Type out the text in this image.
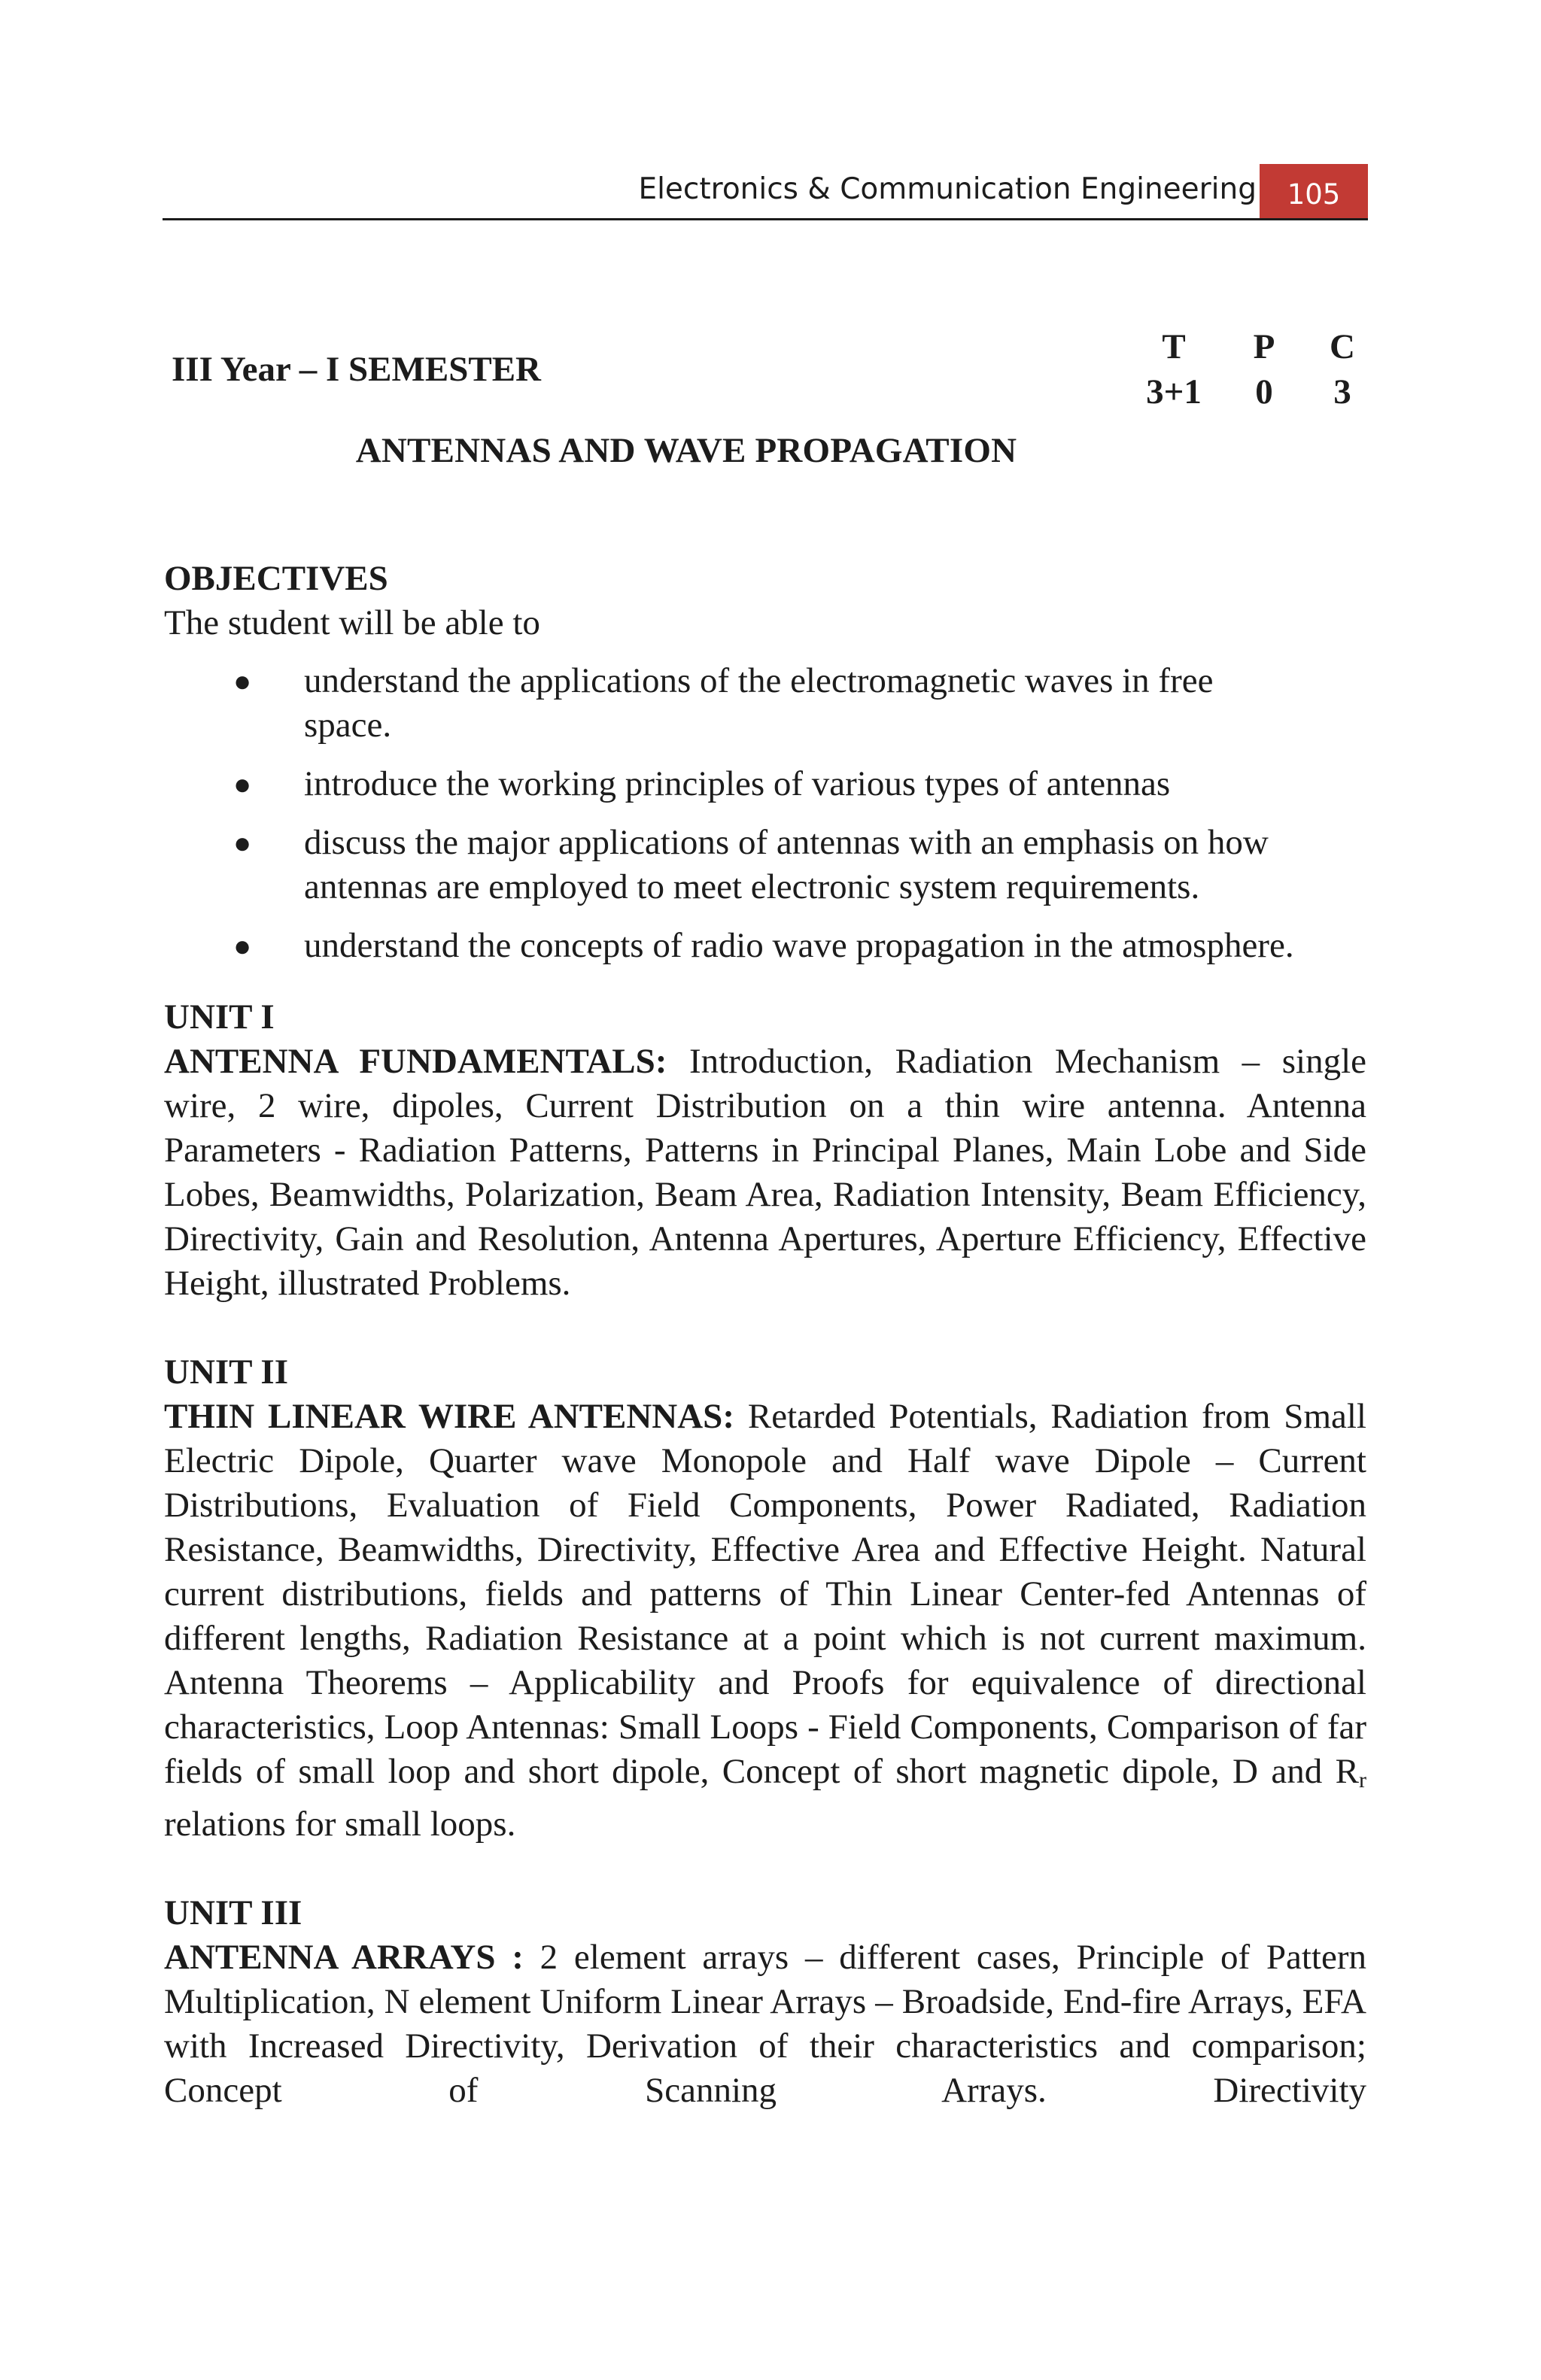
Electronics & Communication Engineering	105
III Year – I SEMESTER
T	P	C
3+1	0	3
ANTENNAS AND WAVE PROPAGATION
OBJECTIVES

The student will be able to

● understand the applications of the electromagnetic waves in free space.
● introduce the working principles of various types of antennas
● discuss the major applications of antennas with an emphasis on how antennas are employed to meet electronic system requirements.
● understand the concepts of radio wave propagation in the atmosphere.
UNIT I

ANTENNA FUNDAMENTALS: Introduction, Radiation Mechanism – single wire, 2 wire, dipoles, Current Distribution on a thin wire antenna. Antenna Parameters - Radiation Patterns, Patterns in Principal Planes, Main Lobe and Side Lobes, Beamwidths, Polarization, Beam Area, Radiation Intensity, Beam Efficiency, Directivity, Gain and Resolution, Antenna Apertures, Aperture Efficiency, Effective Height, illustrated Problems.

UNIT II

THIN LINEAR WIRE ANTENNAS: Retarded Potentials, Radiation from Small Electric Dipole, Quarter wave Monopole and Half wave Dipole – Current Distributions, Evaluation of Field Components, Power Radiated, Radiation Resistance, Beamwidths, Directivity, Effective Area and Effective Height. Natural current distributions, fields and patterns of Thin Linear Center-fed Antennas of different lengths, Radiation Resistance at a point which is not current maximum. Antenna Theorems – Applicability and Proofs for equivalence of directional characteristics, Loop Antennas: Small Loops - Field Components, Comparison of far fields of small loop and short dipole, Concept of short magnetic dipole, D and $R_r$ relations for small loops.

UNIT III

ANTENNA ARRAYS : 2 element arrays – different cases, Principle of Pattern Multiplication, N element Uniform Linear Arrays – Broadside, End-fire Arrays, EFA with Increased Directivity, Derivation of their characteristics and comparison; Concept of Scanning Arrays. Directivity
